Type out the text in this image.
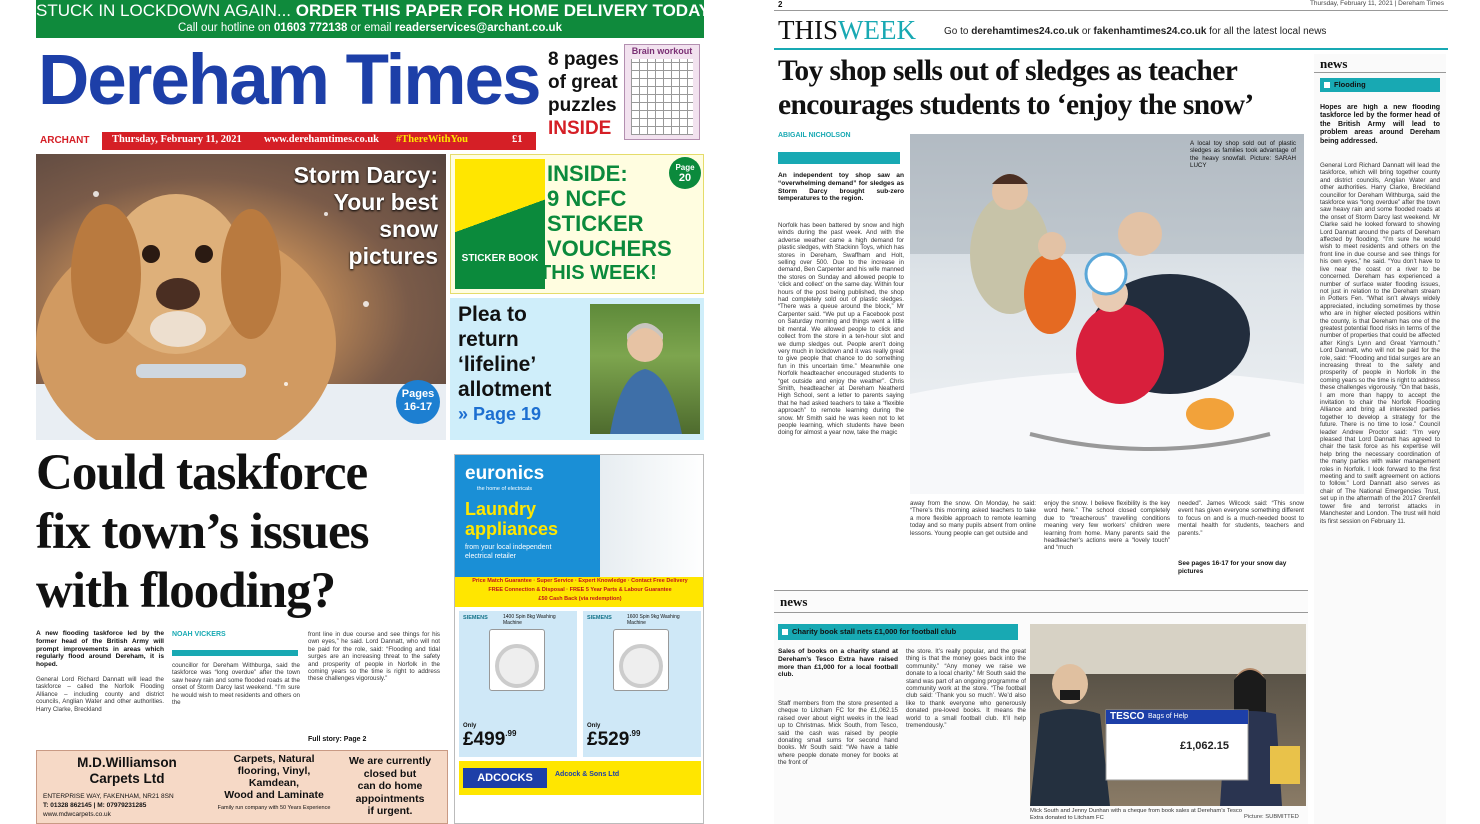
STUCK IN LOCKDOWN AGAIN... ORDER THIS PAPER FOR HOME DELIVERY TODAY
Call our hotline on 01603 772138 or email readerservices@archant.co.uk
Dereham Times 8 pages
of great
puzzles
INSIDE
Brain workout
ARCHANT	Thursday, February 11, 2021 www.derehamtimes.co.uk #ThereWithYou	£1
Storm Darcy:
Your best
snow
pictures
Pages
16-17
STICKER BOOK
Page
20
INSIDE:
9 NCFC
STICKER
VOUCHERS
THIS WEEK!
Plea to
return
‘lifeline’
allotment
» Page 19
Could taskforce
fix town’s issues
with flooding?
A new flooding taskforce led by the former head of the British Army will prompt improvements in areas which regularly flood around Dereham, it is hoped.
NOAH VICKERS
General Lord Richard Dannatt will lead the taskforce – called the Norfolk Flooding Alliance – including county and district councils, Anglian Water and other authorities. Harry Clarke, Breckland
councillor for Dereham Withburga, said the taskforce was “long overdue” after the town saw heavy rain and some flooded roads at the onset of Storm Darcy last weekend. “I’m sure he would wish to meet residents and others on the
front line in due course and see things for his own eyes,” he said. Lord Dannatt, who will not be paid for the role, said: “Flooding and tidal surges are an increasing threat to the safety and prosperity of people in Norfolk in the coming years so the time is right to address these challenges vigorously.”
Full story: Page 2
M.D.Williamson
Carpets Ltd
ENTERPRISE WAY, FAKENHAM, NR21 8SN
T: 01328 862145 | M: 07979231285
www.mdwcarpets.co.uk
Carpets, Natural
flooring, Vinyl,
Kamdean,
Wood and Laminate
Family run company with 50 Years Experience
We are currently
closed but
can do home
appointments
if urgent.
euronics
the home of electricals
Laundry
appliances
from your local independent
electrical retailer
Price Match Guarantee · Super Service · Expert Knowledge · Contact Free Delivery
FREE Connection & Disposal · FREE 5 Year Parts & Labour Guarantee
£50 Cash Back (via redemption)
SIEMENS	1400 Spin 8kg Washing Machine
Only
$£499^{.99}$
SIEMENS	1600 Spin 9kg Washing Machine
Only
$£529^{.99}$
ADCOCKS	Adcock & Sons Ltd
2	Thursday, February 11, 2021 | Dereham Times
THISWEEK	Go to derehamtimes24.co.uk or fakenhamtimes24.co.uk for all the latest local news
Toy shop sells out of sledges as teacher
encourages students to ‘enjoy the snow’
ABIGAIL NICHOLSON
An independent toy shop saw an “overwhelming demand” for sledges as Storm Darcy brought sub-zero temperatures to the region.
Norfolk has been battered by snow and high winds during the past week. And with the adverse weather came a high demand for plastic sledges, with Stackinn Toys, which has stores in Dereham, Swaffham and Holt, selling over 500. Due to the increase in demand, Ben Carpenter and his wife manned the stores on Sunday and allowed people to ‘click and collect’ on the same day. Within four hours of the post being published, the shop had completely sold out of plastic sledges. “There was a queue around the block,” Mr Carpenter said. “We put up a Facebook post on Saturday morning and things went a little bit mental. We allowed people to click and collect from the store in a ten-hour slot and we dump sledges out. People aren’t doing very much in lockdown and it was really great to give people that chance to do something fun in this uncertain time.” Meanwhile one Norfolk headteacher encouraged students to “get outside and enjoy the weather”. Chris Smith, headteacher at Dereham Neatherd High School, sent a letter to parents saying that he had asked teachers to take a “flexible approach” to remote learning during the snow. Mr Smith said he was keen not to let people learning, which students have been doing for almost a year now, take the magic
A local toy shop sold out of plastic sledges as families took advantage of the heavy snowfall. Picture: SARAH LUCY
away from the snow. On Monday, he said: “There’s this morning asked teachers to take a more flexible approach to remote learning today and so many pupils absent from online lessons. Young people can get outside and
enjoy the snow. I believe flexibility is the key word here.” The school closed completely due to “treacherous” travelling conditions meaning very few workers’ children were learning from home. Many parents said the headteacher’s actions were a “lovely touch” and “much
needed”. James Wilcock said: “This snow event has given everyone something different to focus on and is a much-needed boost to mental health for students, teachers and parents.”
See pages 16-17 for your snow day pictures
news
Flooding
Hopes are high a new flooding taskforce led by the former head of the British Army will lead to problem areas around Dereham being addressed.
General Lord Richard Dannatt will lead the taskforce, which will bring together county and district councils, Anglian Water and other authorities. Harry Clarke, Breckland councillor for Dereham Withburga, said the taskforce was “long overdue” after the town saw heavy rain and some flooded roads at the onset of Storm Darcy last weekend. Mr Clarke said he looked forward to showing Lord Dannatt around the parts of Dereham affected by flooding. “I’m sure he would wish to meet residents and others on the front line in due course and see things for his own eyes,” he said. “You don’t have to live near the coast or a river to be concerned. Dereham has experienced a number of surface water flooding issues, not just in relation to the Dereham stream in Potters Fen. “What isn’t always widely appreciated, including sometimes by those who are in higher elected positions within the county, is that Dereham has one of the greatest potential flood risks in terms of the number of properties that could be affected after King’s Lynn and Great Yarmouth.” Lord Dannatt, who will not be paid for the role, said: “Flooding and tidal surges are an increasing threat to the safety and prosperity of people in Norfolk in the coming years so the time is right to address these challenges vigorously. “On that basis, I am more than happy to accept the invitation to chair the Norfolk Flooding Alliance and bring all interested parties together to develop a strategy for the future. There is no time to lose.” Council leader Andrew Proctor said: “I’m very pleased that Lord Dannatt has agreed to chair the task force as his expertise will help bring the necessary coordination of the many parties with water management roles in Norfolk. I look forward to the first meeting and to swift agreement on actions to follow.” Lord Dannatt also serves as chair of The National Emergencies Trust, set up in the aftermath of the 2017 Grenfell tower fire and terrorist attacks in Manchester and London. The trust will hold its first session on February 11.
news
Charity book stall nets £1,000 for football club
Sales of books on a charity stand at Dereham’s Tesco Extra have raised more than £1,000 for a local football club.
Staff members from the store presented a cheque to Litcham FC for the £1,062.15 raised over about eight weeks in the lead up to Christmas. Mick South, from Tesco, said the cash was raised by people donating small sums for second hand books. Mr South said: “We have a table where people donate money for books at the front of
the store. It’s really popular, and the great thing is that the money goes back into the community.” “Any money we raise we donate to a local charity.” Mr South said the stand was part of an ongoing programme of community work at the store. “The football club said: ‘Thank you so much’. We’d also like to thank everyone who generously donated pre-loved books. It means the world to a small football club. It’ll help tremendously.”
TESCO Bags of Help
£1,062.15
Mick South and Jenny Dunhan with a cheque from book sales at Dereham’s Tesco Extra donated to Litcham FC	Picture: SUBMITTED
